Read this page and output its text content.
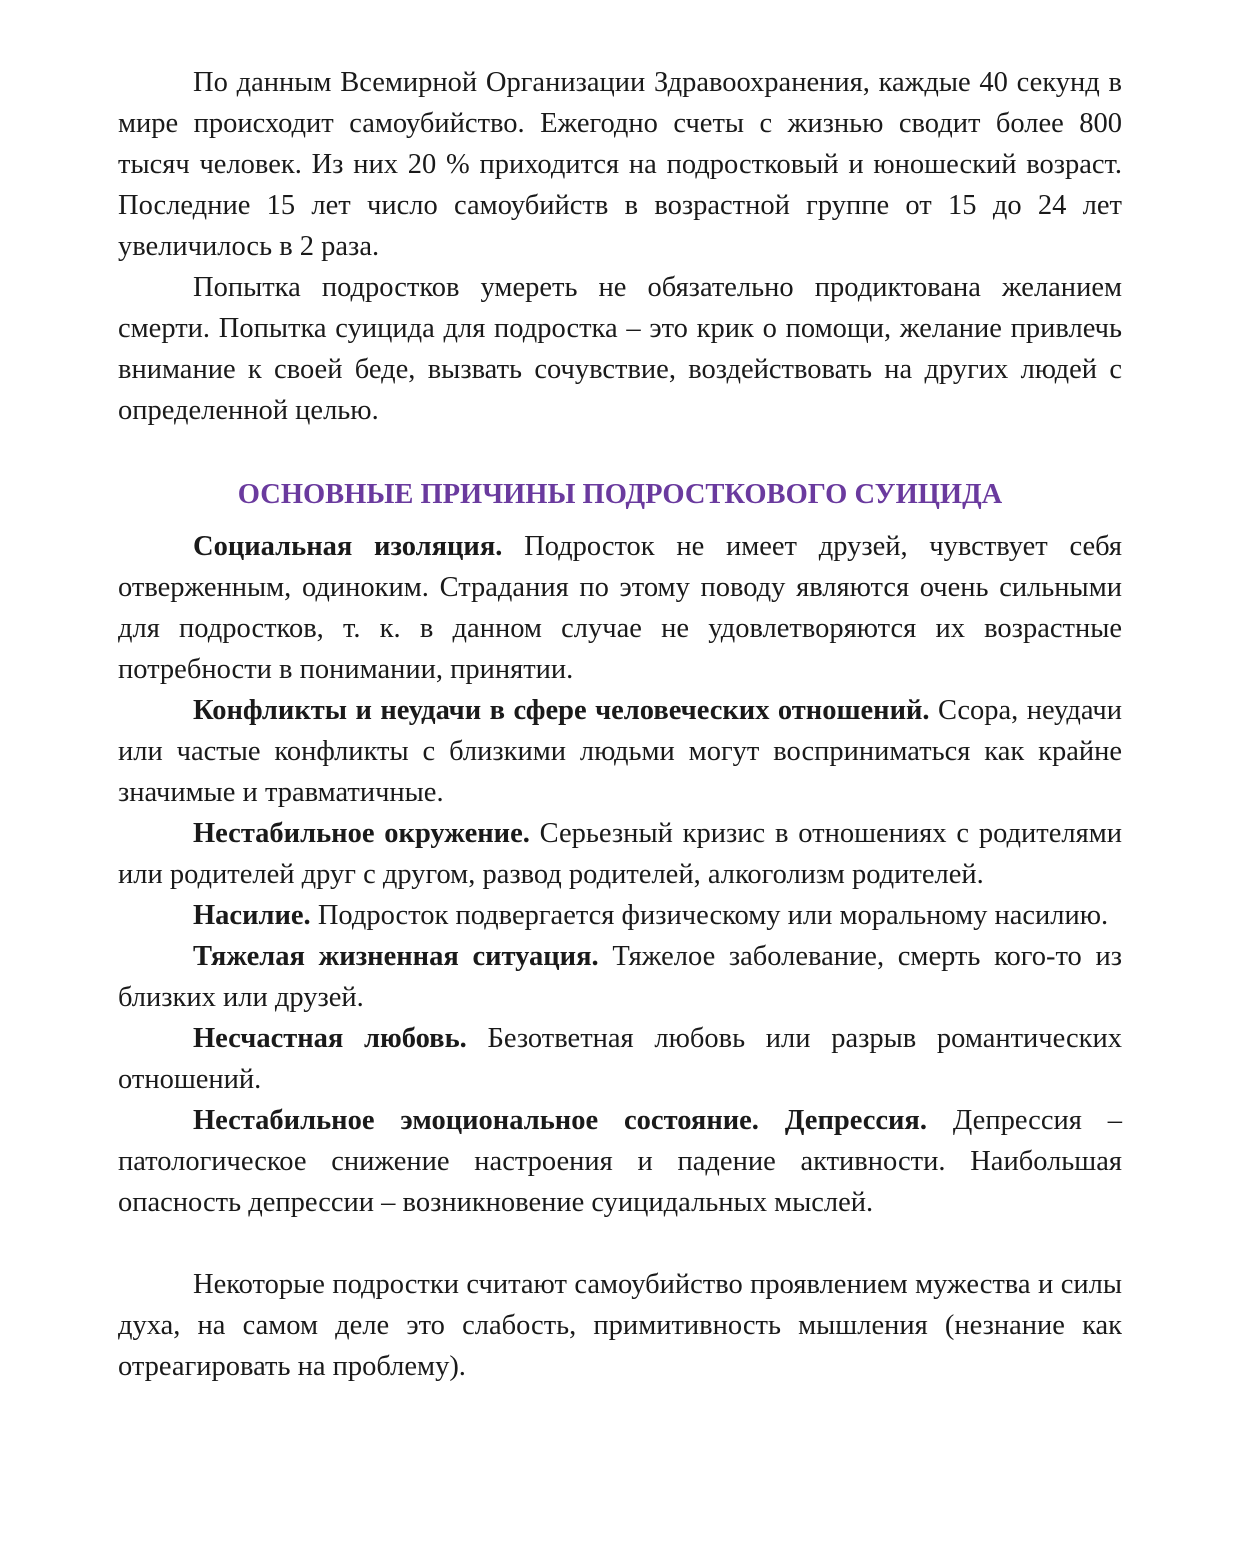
По данным Всемирной Организации Здравоохранения, каждые 40 секунд в мире происходит самоубийство. Ежегодно счеты с жизнью сводит более 800 тысяч человек. Из них 20 % приходится на подростковый и юношеский возраст. Последние 15 лет число самоубийств в возрастной группе от 15 до 24 лет увеличилось в 2 раза.

Попытка подростков умереть не обязательно продиктована желанием смерти. Попытка суицида для подростка – это крик о помощи, желание привлечь внимание к своей беде, вызвать сочувствие, воздействовать на других людей с определенной целью.

ОСНОВНЫЕ ПРИЧИНЫ ПОДРОСТКОВОГО СУИЦИДА

Социальная изоляция. Подросток не имеет друзей, чувствует себя отверженным, одиноким. Страдания по этому поводу являются очень сильными для подростков, т. к. в данном случае не удовлетворяются их возрастные потребности в понимании, принятии.

Конфликты и неудачи в сфере человеческих отношений. Ссора, неудачи или частые конфликты с близкими людьми могут восприниматься как крайне значимые и травматичные.

Нестабильное окружение. Серьезный кризис в отношениях с родителями или родителей друг с другом, развод родителей, алкоголизм родителей.

Насилие. Подросток подвергается физическому или моральному насилию.

Тяжелая жизненная ситуация. Тяжелое заболевание, смерть кого-то из близких или друзей.

Несчастная любовь. Безответная любовь или разрыв романтических отношений.

Нестабильное эмоциональное состояние. Депрессия. Депрессия – патологическое снижение настроения и падение активности. Наибольшая опасность депрессии – возникновение суицидальных мыслей.

Некоторые подростки считают самоубийство проявлением мужества и силы духа, на самом деле это слабость, примитивность мышления (незнание как отреагировать на проблему).
